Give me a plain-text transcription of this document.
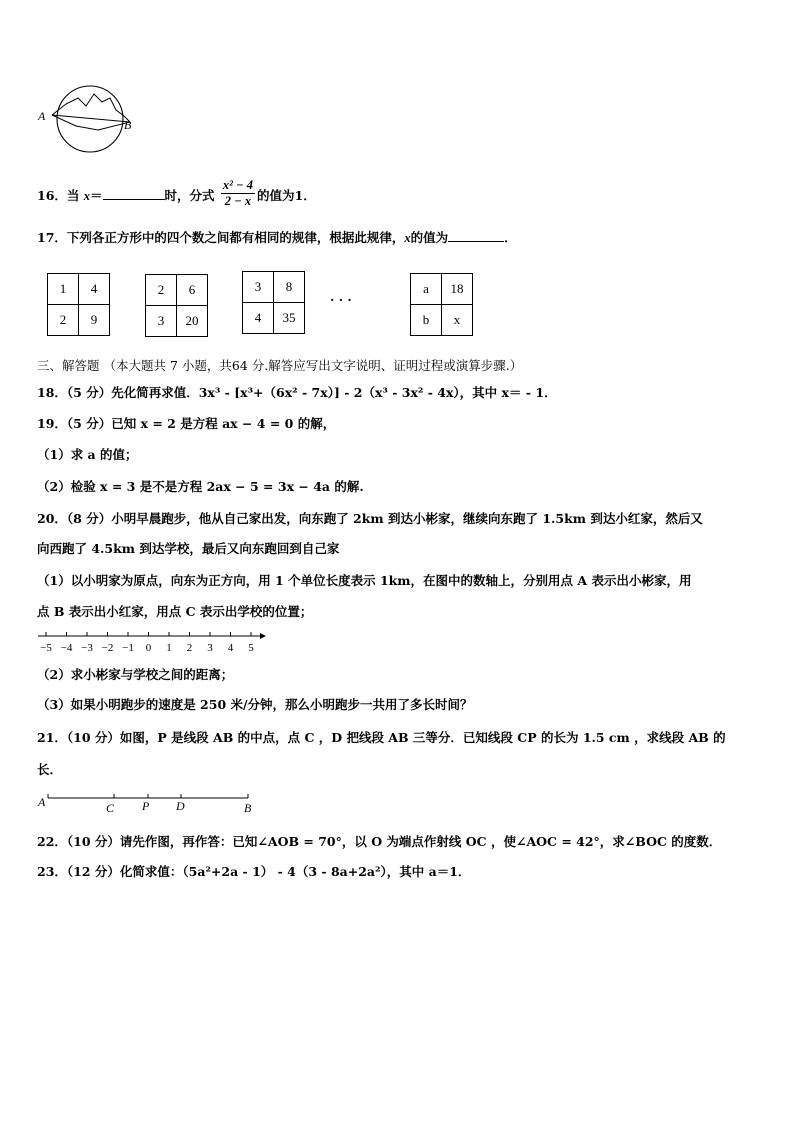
A
B
16．当 x＝	时，分式 $\frac{\text{x² − 4}}{2 - x}$ 的值为1．
17．下列各正方形中的四个数之间都有相同的规律，根据此规律，x的值为	．
1	4
2	9
2	6
3	20
3	8
4	35
· · ·
a	18
b	x
三、解答题 （本大题共 7 小题，共64 分.解答应写出文字说明、证明过程或演算步骤.）
18．（5 分）先化简再求值．3x³ - [x³+（6x² - 7x）] - 2（x³ - 3x² - 4x），其中 x＝ - 1．
19．（5 分）已知 x = 2 是方程 ax − 4 = 0 的解，
（1）求 a 的值；
（2）检验 x = 3 是不是方程 2ax − 5 = 3x − 4a 的解.
20．（8 分）小明早晨跑步，他从自己家出发，向东跑了 2km 到达小彬家，继续向东跑了 1.5km 到达小红家，然后又
向西跑了 4.5km 到达学校，最后又向东跑回到自己家
（1）以小明家为原点，向东为正方向，用 1 个单位长度表示 1km，在图中的数轴上，分别用点 A 表示出小彬家，用
点 B 表示出小红家，用点 C 表示出学校的位置；
−5 −4 −3 −2 −1 0 1 2 3 4 5
（2）求小彬家与学校之间的距离；
（3）如果小明跑步的速度是 250 米/分钟，那么小明跑步一共用了多长时间？
21．（10 分）如图，P 是线段 AB 的中点，点 C ，D 把线段 AB 三等分．已知线段 CP 的长为 1.5 cm ，求线段 AB 的
长．
A	C P D	B
22．（10 分）请先作图，再作答：已知∠AOB = 70°，以 O 为端点作射线 OC ，使∠AOC = 42°，求∠BOC 的度数．
23．（12 分）化简求值：（5a²+2a - 1） - 4（3 - 8a+2a²），其中 a＝1．
